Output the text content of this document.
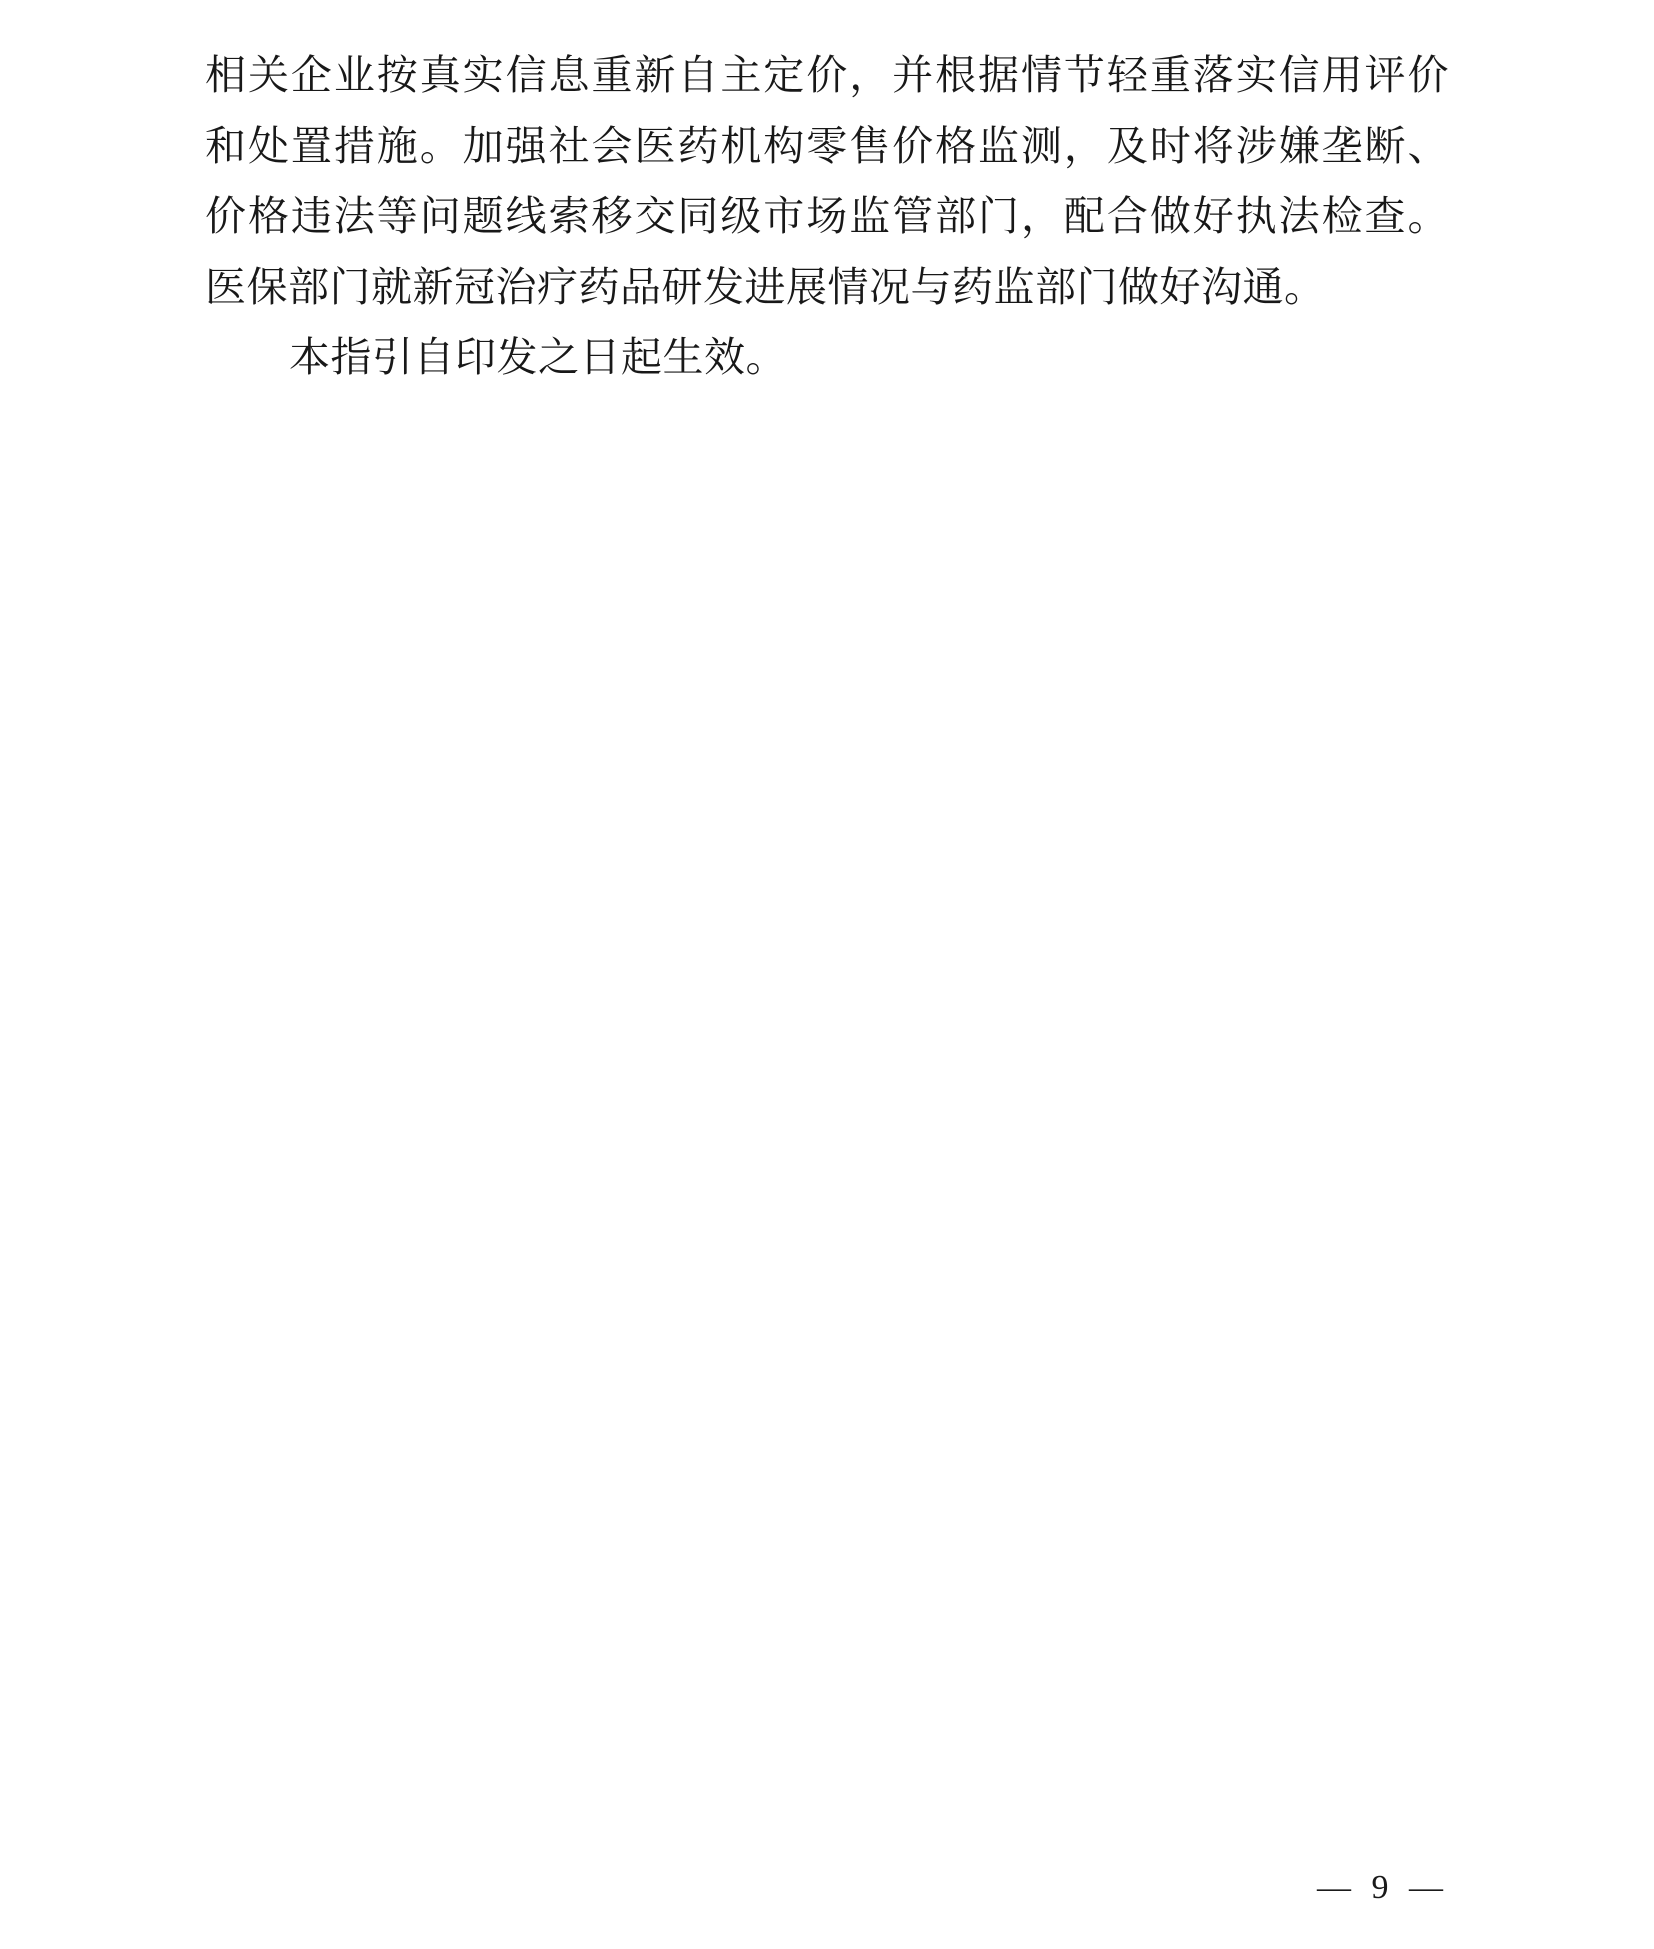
相关企业按真实信息重新自主定价，并根据情节轻重落实信用评价和处置措施。加强社会医药机构零售价格监测，及时将涉嫌垄断、价格违法等问题线索移交同级市场监管部门，配合做好执法检查。医保部门就新冠治疗药品研发进展情况与药监部门做好沟通。

本指引自印发之日起生效。

— 9 —
